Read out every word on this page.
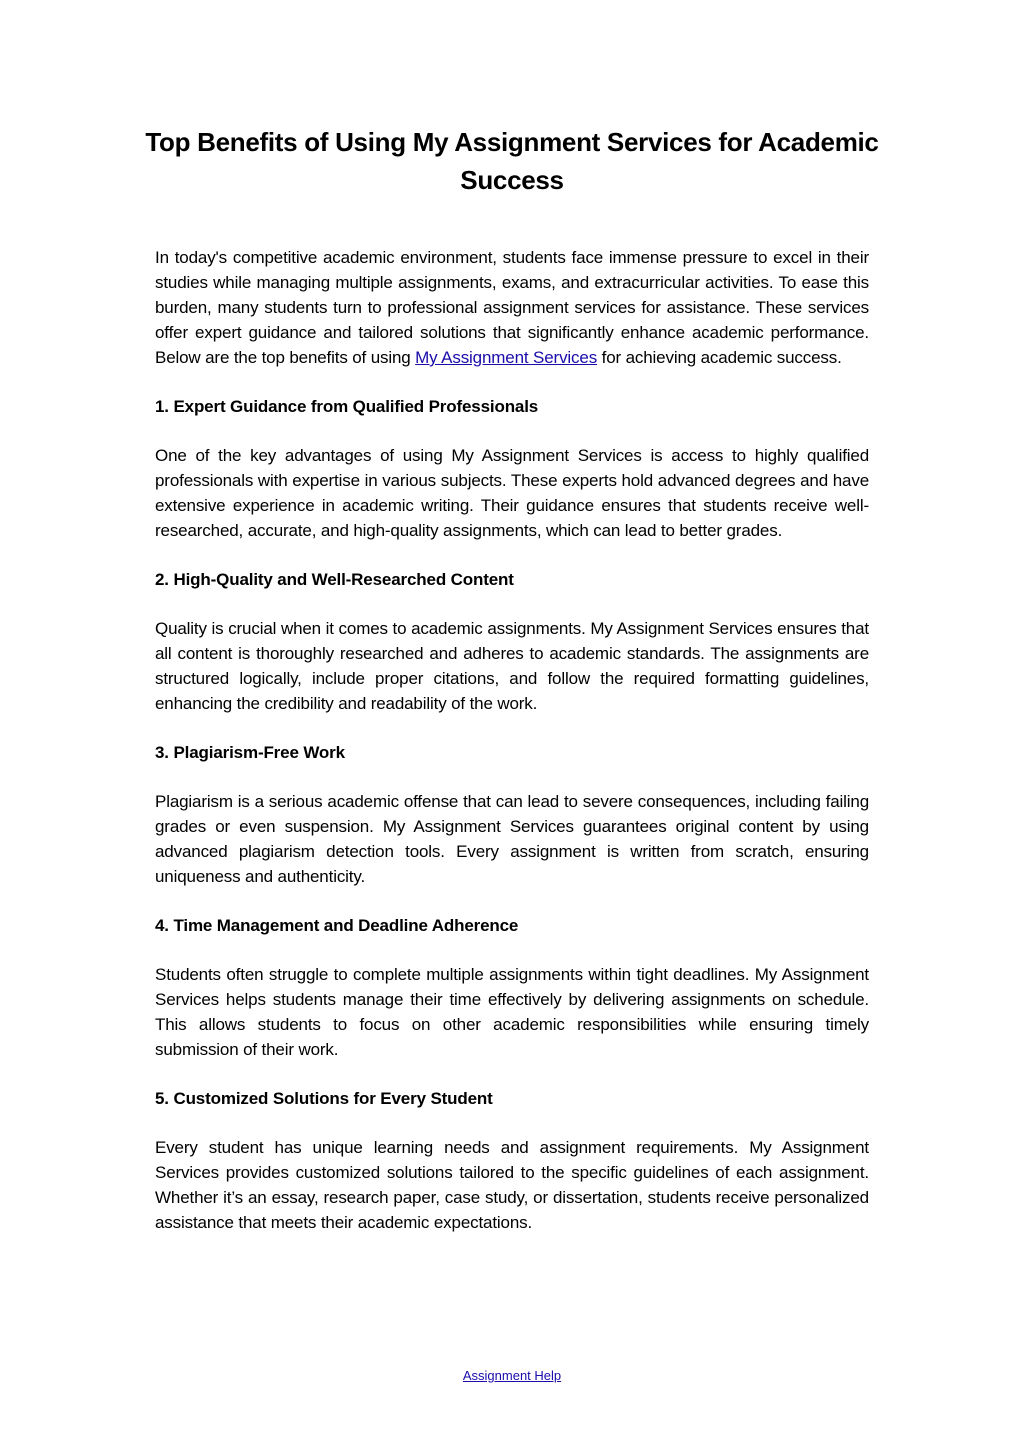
Top Benefits of Using My Assignment Services for Academic Success

In today's competitive academic environment, students face immense pressure to excel in their studies while managing multiple assignments, exams, and extracurricular activities. To ease this burden, many students turn to professional assignment services for assistance. These services offer expert guidance and tailored solutions that significantly enhance academic performance. Below are the top benefits of using My Assignment Services for achieving academic success.

1. Expert Guidance from Qualified Professionals

One of the key advantages of using My Assignment Services is access to highly qualified professionals with expertise in various subjects. These experts hold advanced degrees and have extensive experience in academic writing. Their guidance ensures that students receive well-researched, accurate, and high-quality assignments, which can lead to better grades.

2. High-Quality and Well-Researched Content

Quality is crucial when it comes to academic assignments. My Assignment Services ensures that all content is thoroughly researched and adheres to academic standards. The assignments are structured logically, include proper citations, and follow the required formatting guidelines, enhancing the credibility and readability of the work.

3. Plagiarism-Free Work

Plagiarism is a serious academic offense that can lead to severe consequences, including failing grades or even suspension. My Assignment Services guarantees original content by using advanced plagiarism detection tools. Every assignment is written from scratch, ensuring uniqueness and authenticity.

4. Time Management and Deadline Adherence

Students often struggle to complete multiple assignments within tight deadlines. My Assignment Services helps students manage their time effectively by delivering assignments on schedule. This allows students to focus on other academic responsibilities while ensuring timely submission of their work.

5. Customized Solutions for Every Student

Every student has unique learning needs and assignment requirements. My Assignment Services provides customized solutions tailored to the specific guidelines of each assignment. Whether it’s an essay, research paper, case study, or dissertation, students receive personalized assistance that meets their academic expectations.

Assignment Help
